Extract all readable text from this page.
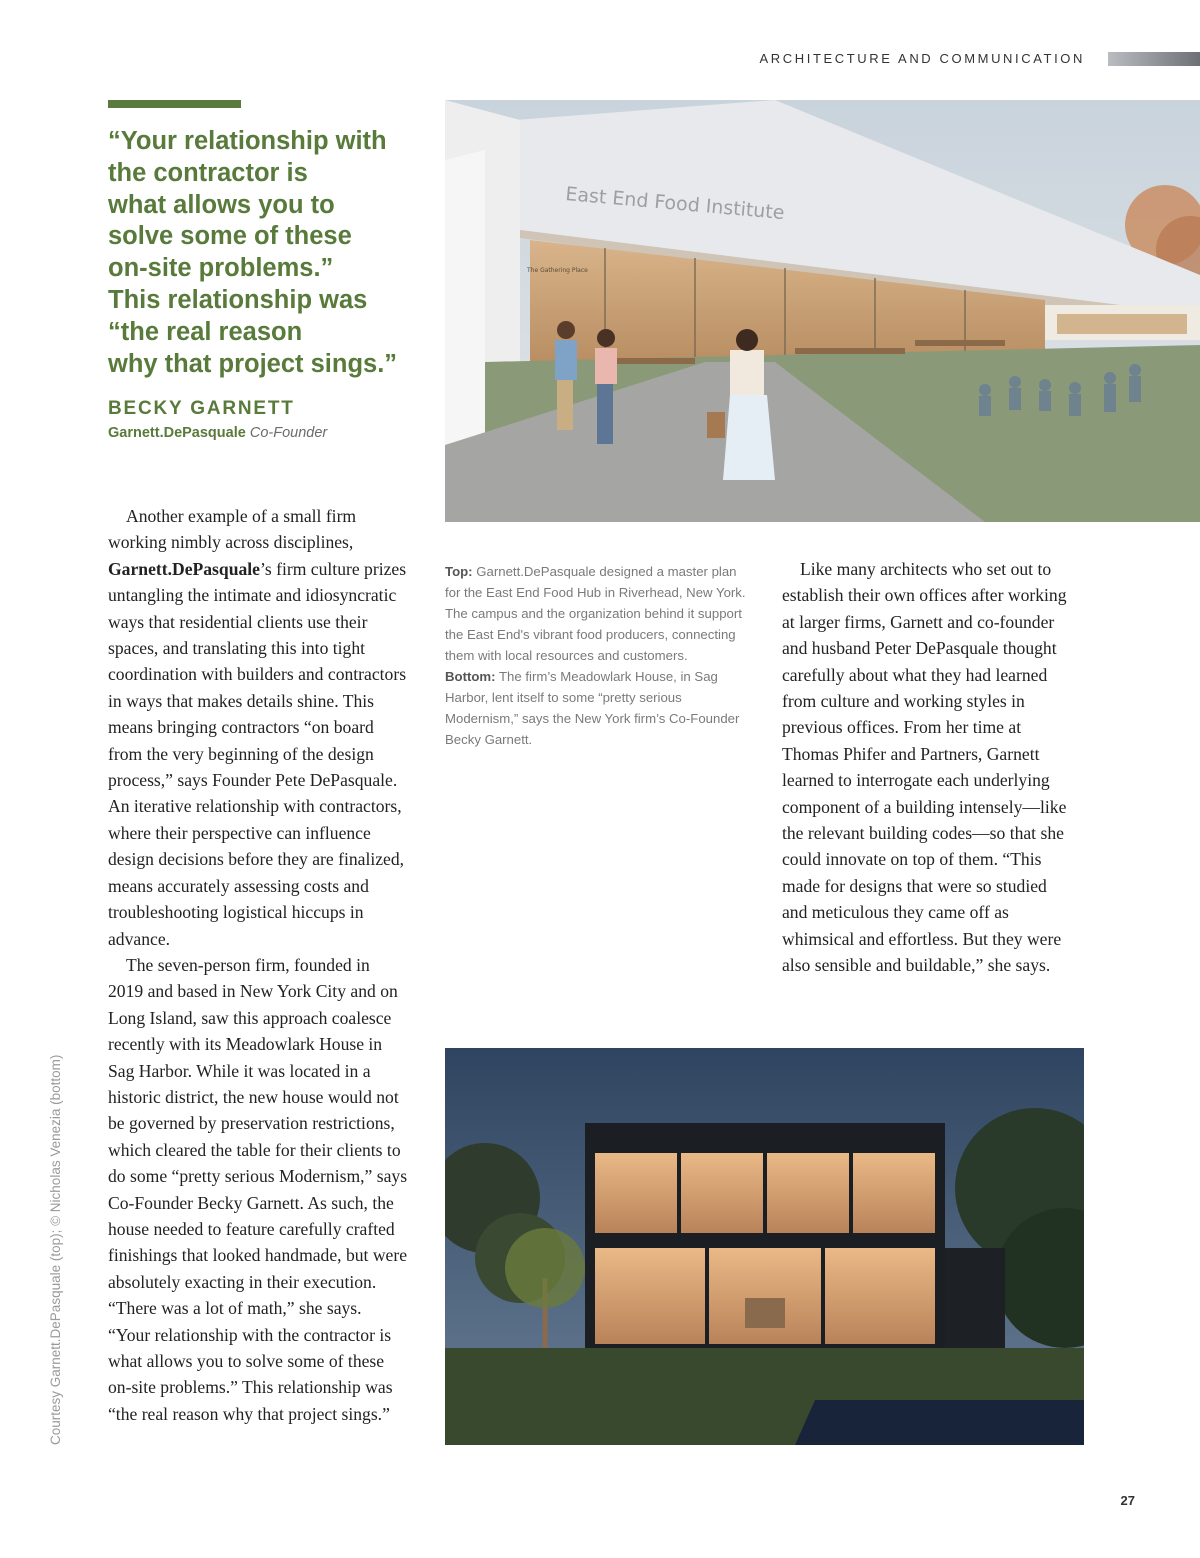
ARCHITECTURE AND COMMUNICATION
“Your relationship with
the contractor is
what allows you to
solve some of these
on-site problems.”
This relationship was
“the real reason
why that project sings.”
BECKY GARNETT
Garnett.DePasquale Co-Founder

Another example of a small firm working nimbly across disciplines, Garnett.DePasquale’s firm culture prizes untangling the intimate and idiosyncratic ways that residential clients use their spaces, and translating this into tight coordination with builders and contractors in ways that makes details shine. This means bringing contractors “on board from the very beginning of the design process,” says Founder Pete DePasquale. An iterative relationship with contractors, where their perspective can influence design decisions before they are finalized, means accurately assessing costs and troubleshooting logistical hiccups in advance.

The seven-person firm, founded in 2019 and based in New York City and on Long Island, saw this approach coalesce recently with its Meadowlark House in Sag Harbor. While it was located in a historic district, the new house would not be governed by preservation restrictions, which cleared the table for their clients to do some “pretty serious Modernism,” says Co-Founder Becky Garnett. As such, the house needed to feature carefully crafted finishings that looked handmade, but were absolutely exacting in their execution. “There was a lot of math,” she says. “Your relationship with the contractor is what allows you to solve some of these on-site problems.” This relationship was “the real reason why that project sings.”

Top: Garnett.DePasquale designed a master plan for the East End Food Hub in Riverhead, New York. The campus and the organization behind it support the East End's vibrant food producers, connecting them with local resources and customers.

Bottom: The firm’s Meadowlark House, in Sag Harbor, lent itself to some “pretty serious Modernism,” says the New York firm’s Co-Founder Becky Garnett.

Like many architects who set out to establish their own offices after working at larger firms, Garnett and co-founder and husband Peter DePasquale thought carefully about what they had learned from culture and working styles in previous offices. From her time at Thomas Phifer and Partners, Garnett learned to interrogate each underlying component of a building intensely—like the relevant building codes—so that she could innovate on top of them. “This made for designs that were so studied and meticulous they came off as whimsical and effortless. But they were also sensible and buildable,” she says.

East End Food Institute
The Gathering Place
Courtesy Garnett.DePasquale (top); © Nicholas Venezia (bottom)
27
